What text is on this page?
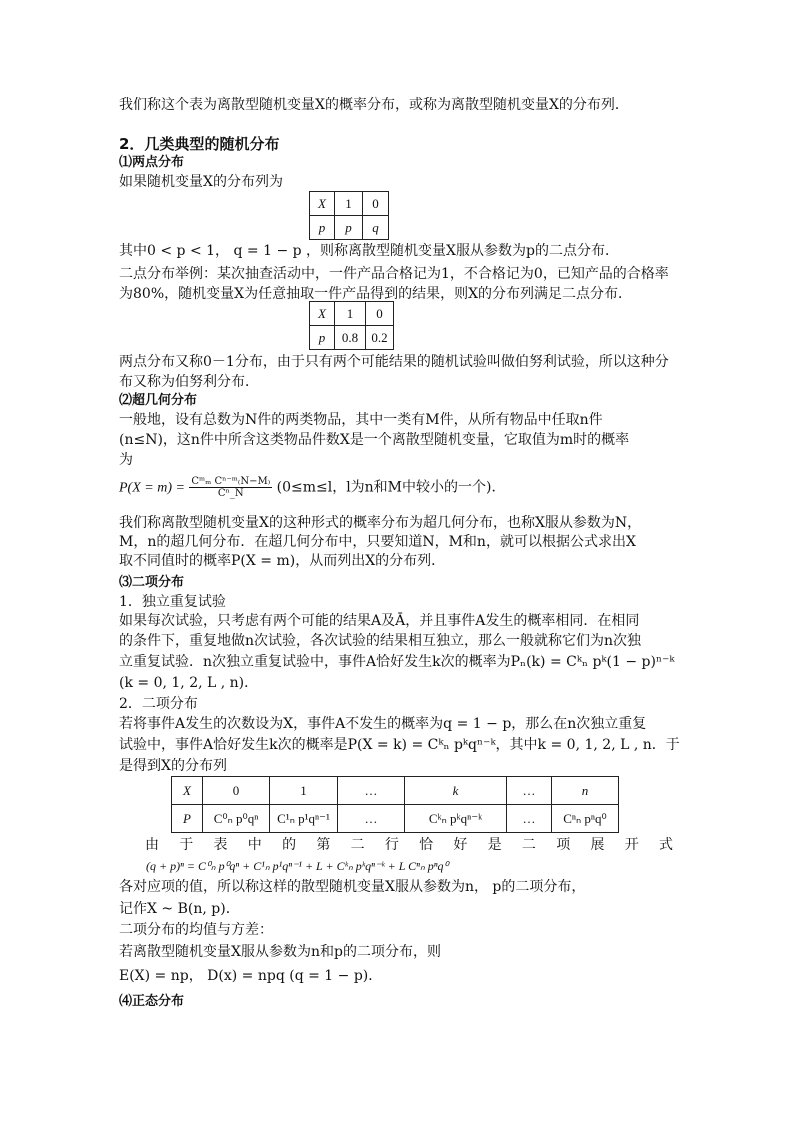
我们称这个表为离散型随机变量X的概率分布，或称为离散型随机变量X的分布列．
2．几类典型的随机分布
⑴两点分布
如果随机变量X的分布列为
X	1	0
p	p	q
其中0 < p < 1， q = 1 − p ，则称离散型随机变量X服从参数为p的二点分布．
二点分布举例：某次抽查活动中，一件产品合格记为1，不合格记为0，已知产品的合格率
为80%，随机变量X为任意抽取一件产品得到的结果，则X的分布列满足二点分布．
X	1	0
p	0.8	0.2
两点分布又称0－1分布，由于只有两个可能结果的随机试验叫做伯努利试验，所以这种分
布又称为伯努利分布．
⑵超几何分布
一般地，设有总数为N件的两类物品，其中一类有M件，从所有物品中任取n件
(n≤N)，这n件中所含这类物品件数X是一个离散型随机变量，它取值为m时的概率
为
$P(X = m) = \frac{\text{Cᵐₘ Cⁿ⁻ᵐ₍N−M₎}}{\text{Cⁿ\_N}} (0\le m\le l$，l为n和M中较小的一个)．
我们称离散型随机变量X的这种形式的概率分布为超几何分布，也称X服从参数为N，
M，n的超几何分布．在超几何分布中，只要知道N，M和n，就可以根据公式求出X
取不同值时的概率P(X = m)，从而列出X的分布列．
⑶二项分布
1．独立重复试验
如果每次试验，只考虑有两个可能的结果A及Ā，并且事件A发生的概率相同．在相同
的条件下，重复地做n次试验，各次试验的结果相互独立，那么一般就称它们为n次独
立重复试验．n次独立重复试验中，事件A恰好发生k次的概率为Pₙ(k) = Cᵏₙ pᵏ(1 − p)ⁿ⁻ᵏ
(k = 0, 1, 2, L , n)．
2．二项分布
若将事件A发生的次数设为X，事件A不发生的概率为q = 1 − p，那么在n次独立重复
试验中，事件A恰好发生k次的概率是P(X = k) = Cᵏₙ pᵏqⁿ⁻ᵏ，其中k = 0, 1, 2, L , n．于
是得到X的分布列
X	0	1	…	k	…	n
P	C⁰ₙ p⁰qⁿ	C¹ₙ p¹qⁿ⁻¹	…	Cᵏₙ pᵏqⁿ⁻ᵏ	…	Cⁿₙ pⁿq⁰
由 于 表 中 的 第 二 行 恰 好 是 二 项 展 开 式
(q + p)ⁿ = C⁰ₙ p⁰qⁿ + C¹ₙ p¹qⁿ⁻¹ + L + Cᵏₙ pᵏqⁿ⁻ᵏ + L Cⁿₙ pⁿq⁰
各对应项的值，所以称这样的散型随机变量X服从参数为n， p的二项分布，
记作X ~ B(n, p)．
二项分布的均值与方差：
若离散型随机变量X服从参数为n和p的二项分布，则
E(X) = np， D(x) = npq (q = 1 − p)．
⑷正态分布
